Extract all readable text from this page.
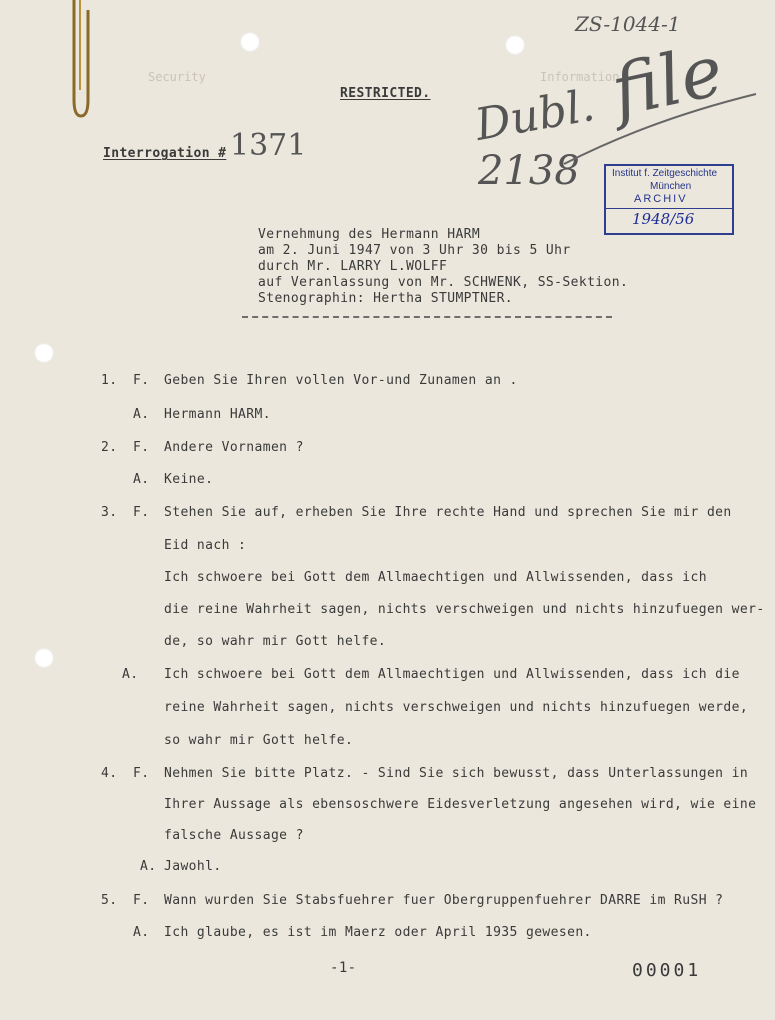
ZS-1044-1
Security	Information
RESTRICTED.
Interrogation # 1371	Dubl.
2138
file
Institut f. Zeitgeschichte
München
ARCHIV
1948/56
Vernehmung des Hermann HARM
am 2. Juni 1947 von 3 Uhr 30 bis 5 Uhr
durch Mr. LARRY L.WOLFF
auf Veranlassung von Mr. SCHWENK, SS-Sektion.
Stenographin: Hertha STUMPTNER.
1. F. Geben Sie Ihren vollen Vor-und Zunamen an .
A. Hermann HARM.
2. F. Andere Vornamen ?
A. Keine.
3. F. Stehen Sie auf, erheben Sie Ihre rechte Hand und sprechen Sie mir den
Eid nach :
Ich schwoere bei Gott dem Allmaechtigen und Allwissenden, dass ich
die reine Wahrheit sagen, nichts verschweigen und nichts hinzufuegen wer-
de, so wahr mir Gott helfe.
A. Ich schwoere bei Gott dem Allmaechtigen und Allwissenden, dass ich die
reine Wahrheit sagen, nichts verschweigen und nichts hinzufuegen werde,
so wahr mir Gott helfe.
4. F. Nehmen Sie bitte Platz. - Sind Sie sich bewusst, dass Unterlassungen in
Ihrer Aussage als ebensoschwere Eidesverletzung angesehen wird, wie eine
falsche Aussage ?
A. Jawohl.
5. F. Wann wurden Sie Stabsfuehrer fuer Obergruppenfuehrer DARRE im RuSH ?
A. Ich glaube, es ist im Maerz oder April 1935 gewesen.
-1-	00001
